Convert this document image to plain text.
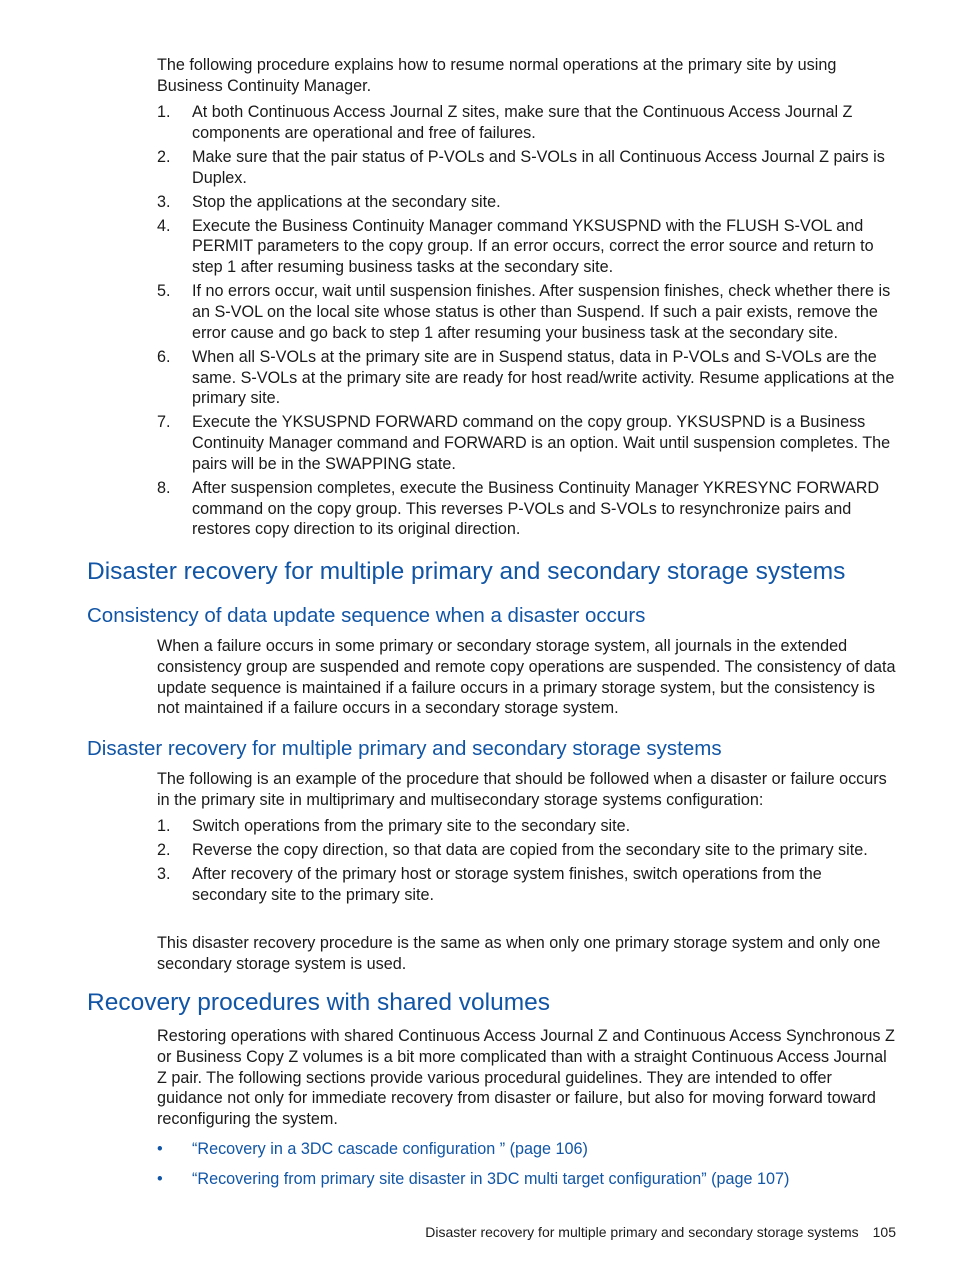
The following procedure explains how to resume normal operations at the primary site by using Business Continuity Manager.

1. At both Continuous Access Journal Z sites, make sure that the Continuous Access Journal Z components are operational and free of failures.
2. Make sure that the pair status of P-VOLs and S-VOLs in all Continuous Access Journal Z pairs is Duplex.
3. Stop the applications at the secondary site.
4. Execute the Business Continuity Manager command YKSUSPND with the FLUSH S-VOL and PERMIT parameters to the copy group. If an error occurs, correct the error source and return to step 1 after resuming business tasks at the secondary site.
5. If no errors occur, wait until suspension finishes. After suspension finishes, check whether there is an S-VOL on the local site whose status is other than Suspend. If such a pair exists, remove the error cause and go back to step 1 after resuming your business task at the secondary site.
6. When all S-VOLs at the primary site are in Suspend status, data in P-VOLs and S-VOLs are the same. S-VOLs at the primary site are ready for host read/write activity. Resume applications at the primary site.
7. Execute the YKSUSPND FORWARD command on the copy group. YKSUSPND is a Business Continuity Manager command and FORWARD is an option. Wait until suspension completes. The pairs will be in the SWAPPING state.
8. After suspension completes, execute the Business Continuity Manager YKRESYNC FORWARD command on the copy group. This reverses P-VOLs and S-VOLs to resynchronize pairs and restores copy direction to its original direction.
Disaster recovery for multiple primary and secondary storage systems
Consistency of data update sequence when a disaster occurs

When a failure occurs in some primary or secondary storage system, all journals in the extended consistency group are suspended and remote copy operations are suspended. The consistency of data update sequence is maintained if a failure occurs in a primary storage system, but the consistency is not maintained if a failure occurs in a secondary storage system.

Disaster recovery for multiple primary and secondary storage systems

The following is an example of the procedure that should be followed when a disaster or failure occurs in the primary site in multiprimary and multisecondary storage systems configuration:

1. Switch operations from the primary site to the secondary site.
2. Reverse the copy direction, so that data are copied from the secondary site to the primary site.
3. After recovery of the primary host or storage system finishes, switch operations from the secondary site to the primary site.

This disaster recovery procedure is the same as when only one primary storage system and only one secondary storage system is used.

Recovery procedures with shared volumes

Restoring operations with shared Continuous Access Journal Z and Continuous Access Synchronous Z or Business Copy Z volumes is a bit more complicated than with a straight Continuous Access Journal Z pair. The following sections provide various procedural guidelines. They are intended to offer guidance not only for immediate recovery from disaster or failure, but also for moving forward toward reconfiguring the system.

• “Recovery in a 3DC cascade configuration ” (page 106)
• “Recovering from primary site disaster in 3DC multi target configuration” (page 107)
Disaster recovery for multiple primary and secondary storage systems 105
